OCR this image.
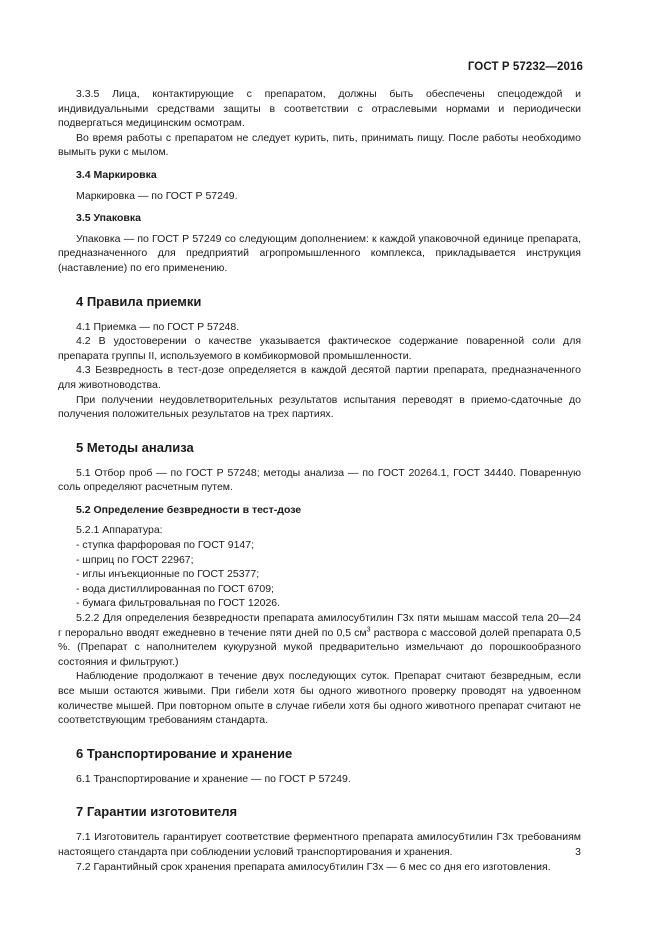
ГОСТ Р 57232—2016

3.3.5 Лица, контактирующие с препаратом, должны быть обеспечены спецодеждой и индивидуальными средствами защиты в соответствии с отраслевыми нормами и периодически подвергаться медицинским осмотрам.

Во время работы с препаратом не следует курить, пить, принимать пищу. После работы необходимо вымыть руки с мылом.

3.4 Маркировка

Маркировка — по ГОСТ Р 57249.

3.5 Упаковка

Упаковка — по ГОСТ Р 57249 со следующим дополнением: к каждой упаковочной единице препарата, предназначенного для предприятий агропромышленного комплекса, прикладывается инструкция (наставление) по его применению.

4 Правила приемки

4.1 Приемка — по ГОСТ Р 57248.

4.2 В удостоверении о качестве указывается фактическое содержание поваренной соли для препарата группы II, используемого в комбикормовой промышленности.

4.3 Безвредность в тест-дозе определяется в каждой десятой партии препарата, предназначенного для животноводства.

При получении неудовлетворительных результатов испытания переводят в приемо-сдаточные до получения положительных результатов на трех партиях.

5 Методы анализа

5.1 Отбор проб — по ГОСТ Р 57248; методы анализа — по ГОСТ 20264.1, ГОСТ 34440. Поваренную соль определяют расчетным путем.

5.2 Определение безвредности в тест-дозе

5.2.1 Аппаратура:

- ступка фарфоровая по ГОСТ 9147;

- шприц по ГОСТ 22967;

- иглы инъекционные по ГОСТ 25377;

- вода дистиллированная по ГОСТ 6709;

- бумага фильтровальная по ГОСТ 12026.

5.2.2 Для определения безвредности препарата амилосубтилин Г3х пяти мышам массой тела 20—24 г перорально вводят ежедневно в течение пяти дней по 0,5 $см^3$ раствора с массовой долей препарата 0,5 %. (Препарат с наполнителем кукурузной мукой предварительно измельчают до порошкообразного состояния и фильтруют.)

Наблюдение продолжают в течение двух последующих суток. Препарат считают безвредным, если все мыши остаются живыми. При гибели хотя бы одного животного проверку проводят на удвоенном количестве мышей. При повторном опыте в случае гибели хотя бы одного животного препарат считают не соответствующим требованиям стандарта.

6 Транспортирование и хранение

6.1 Транспортирование и хранение — по ГОСТ Р 57249.

7 Гарантии изготовителя

7.1 Изготовитель гарантирует соответствие ферментного препарата амилосубтилин Г3х требованиям настоящего стандарта при соблюдении условий транспортирования и хранения.

7.2 Гарантийный срок хранения препарата амилосубтилин Г3х — 6 мес со дня его изготовления.

3
